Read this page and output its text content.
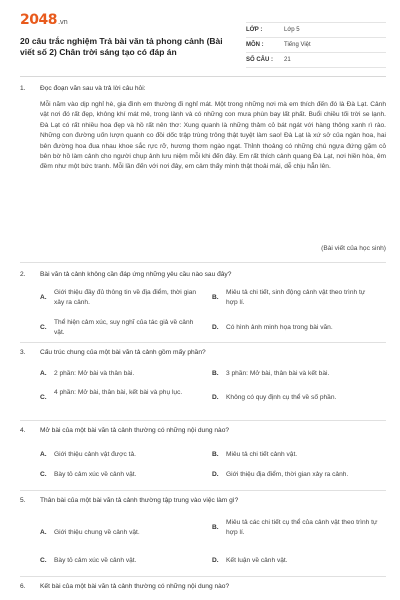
2048.vn
20 câu trắc nghiệm Trả bài văn tả phong cảnh (Bài viết số 2) Chân trời sáng tạo có đáp án
LỚP :	Lớp 5
MÔN :	Tiếng Việt
SỐ CÂU :	21
1. Đọc đoạn văn sau và trả lời câu hỏi:
Mỗi năm vào dịp nghỉ hè, gia đình em thường đi nghỉ mát. Một trong những nơi mà em thích đến đó là Đà Lạt. Cảnh vật nơi đó rất đẹp, không khí mát mẻ, trong lành và có những con mưa phùn bay lất phất. Buổi chiều tối trời se lạnh. Đà Lạt có rất nhiều hoa đẹp và hồ rất nên thơ: Xung quanh là những thảm cỏ bát ngát với hàng thông xanh rì rào. Những con đường uốn lượn quanh co đồi dốc trập trùng trông thật tuyệt làm sao! Đà Lạt là xứ sở của ngàn hoa, hai bên đường hoa đua nhau khoe sắc rực rỡ, hương thơm ngào ngạt. Thỉnh thoảng có những chú ngựa đứng gặm cỏ bên bờ hồ làm cảnh cho người chụp ảnh lưu niệm mỗi khi đến đây. Em rất thích cảnh quang Đà Lạt, nơi hiền hòa, êm đềm như một bức tranh. Mỗi lần đến với nơi đây, em cảm thấy mình thật thoải mái, dễ chịu hẳn lên.
(Bài viết của học sinh)
2. Bài văn tả cảnh không cần đáp ứng những yêu cầu nào sau đây?
A.
Giới thiệu đầy đủ thông tin về địa điểm, thời gian xảy ra cảnh.
B.
Miêu tả chi tiết, sinh động cảnh vật theo trình tự hợp lí.
C.
Thể hiện cảm xúc, suy nghĩ của tác giả về cảnh vật.
D. Có hình ảnh minh họa trong bài văn.
3. Cấu trúc chung của một bài văn tả cảnh gồm mấy phần?
A. 2 phần: Mở bài và thân bài.	B. 3 phần: Mở bài, thân bài và kết bài.
C.
4 phần: Mở bài, thân bài, kết bài và phụ lục.
D. Không có quy định cụ thể về số phần.
4. Mở bài của một bài văn tả cảnh thường có những nội dung nào?
A. Giới thiệu cảnh vật được tả.	B. Miêu tả chi tiết cảnh vật.
C. Bày tỏ cảm xúc về cảnh vật.	D. Giới thiệu địa điểm, thời gian xảy ra cảnh.
5. Thân bài của một bài văn tả cảnh thường tập trung vào việc làm gì?
A. Giới thiệu chung về cảnh vật.
B.
Miêu tả các chi tiết cụ thể của cảnh vật theo trình tự hợp lí.
C. Bày tỏ cảm xúc về cảnh vật.	D. Kết luận về cảnh vật.
6. Kết bài của một bài văn tả cảnh thường có những nội dung nào?
